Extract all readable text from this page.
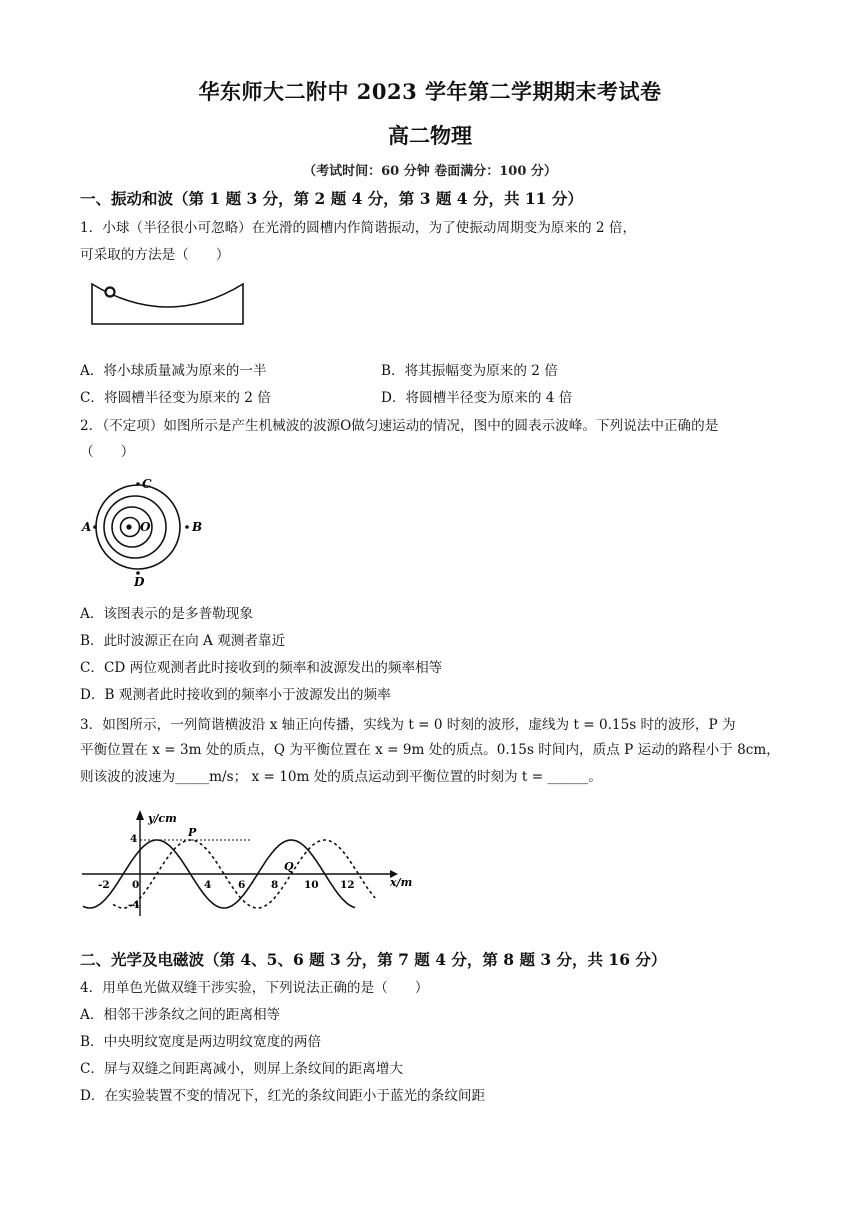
华东师大二附中 2023 学年第二学期期末考试卷
高二物理
（考试时间：60 分钟 卷面满分：100 分）
一、振动和波（第 1 题 3 分，第 2 题 4 分，第 3 题 4 分，共 11 分）
1．小球（半径很小可忽略）在光滑的圆槽内作简谐振动，为了使振动周期变为原来的 2 倍，
可采取的方法是（　　）
A．将小球质量减为原来的一半	B．将其振幅变为原来的 2 倍
C．将圆槽半径变为原来的 2 倍	D．将圆槽半径变为原来的 4 倍
2．（不定项）如图所示是产生机械波的波源O做匀速运动的情况，图中的圆表示波峰。下列说法中正确的是
（　　）
O
A	B
C
D
A．该图表示的是多普勒现象
B．此时波源正在向 A 观测者靠近
C．CD 两位观测者此时接收到的频率和波源发出的频率相等
D．B 观测者此时接收到的频率小于波源发出的频率
3．如图所示，一列简谐横波沿 x 轴正向传播，实线为 t = 0 时刻的波形，虚线为 t = 0.15s 时的波形，P 为
平衡位置在 x = 3m 处的质点，Q 为平衡位置在 x = 9m 处的质点。0.15s 时间内，质点 P 运动的路程小于 8cm，
则该波的波速为_____m/s； x = 10m 处的质点运动到平衡位置的时刻为 t = ______。
y/cm
x/m
4
-4
-2 0	4	6 8 10 12
P
Q
二、光学及电磁波（第 4、5、6 题 3 分，第 7 题 4 分，第 8 题 3 分，共 16 分）
4．用单色光做双缝干涉实验，下列说法正确的是（　　）
A．相邻干涉条纹之间的距离相等
B．中央明纹宽度是两边明纹宽度的两倍
C．屏与双缝之间距离减小，则屏上条纹间的距离增大
D．在实验装置不变的情况下，红光的条纹间距小于蓝光的条纹间距
